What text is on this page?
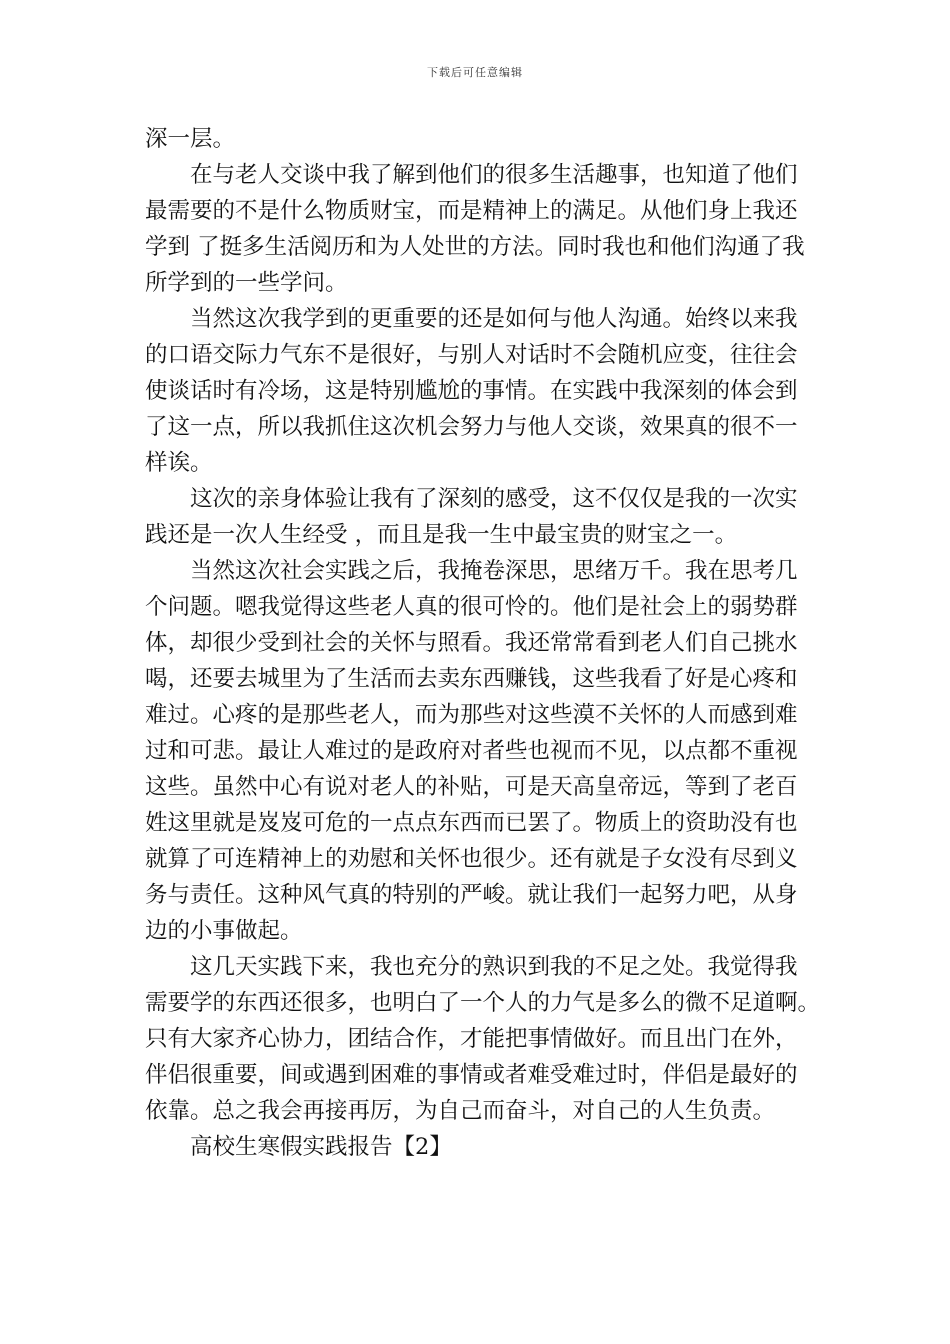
下载后可任意编辑

深一层。

在与老人交谈中我了解到他们的很多生活趣事，也知道了他们
最需要的不是什么物质财宝，而是精神上的满足。从他们身上我还
学到 了挺多生活阅历和为人处世的方法。同时我也和他们沟通了我
所学到的一些学问。

当然这次我学到的更重要的还是如何与他人沟通。始终以来我
的口语交际力气东不是很好，与别人对话时不会随机应变，往往会
使谈话时有冷场，这是特别尴尬的事情。在实践中我深刻的体会到
了这一点，所以我抓住这次机会努力与他人交谈，效果真的很不一
样诶。

这次的亲身体验让我有了深刻的感受，这不仅仅是我的一次实
践还是一次人生经受 ，而且是我一生中最宝贵的财宝之一。

当然这次社会实践之后，我掩卷深思，思绪万千。我在思考几
个问题。嗯我觉得这些老人真的很可怜的。他们是社会上的弱势群
体，却很少受到社会的关怀与照看。我还常常看到老人们自己挑水
喝，还要去城里为了生活而去卖东西赚钱，这些我看了好是心疼和
难过。心疼的是那些老人，而为那些对这些漠不关怀的人而感到难
过和可悲。最让人难过的是政府对者些也视而不见，以点都不重视
这些。虽然中心有说对老人的补贴，可是天高皇帝远，等到了老百
姓这里就是岌岌可危的一点点东西而已罢了。物质上的资助没有也
就算了可连精神上的劝慰和关怀也很少。还有就是子女没有尽到义
务与责任。这种风气真的特别的严峻。就让我们一起努力吧，从身
边的小事做起。

这几天实践下来，我也充分的熟识到我的不足之处。我觉得我
需要学的东西还很多，也明白了一个人的力气是多么的微不足道啊。
只有大家齐心协力，团结合作，才能把事情做好。而且出门在外，
伴侣很重要，间或遇到困难的事情或者难受难过时，伴侣是最好的
依靠。总之我会再接再厉，为自己而奋斗，对自己的人生负责。

高校生寒假实践报告【2】
